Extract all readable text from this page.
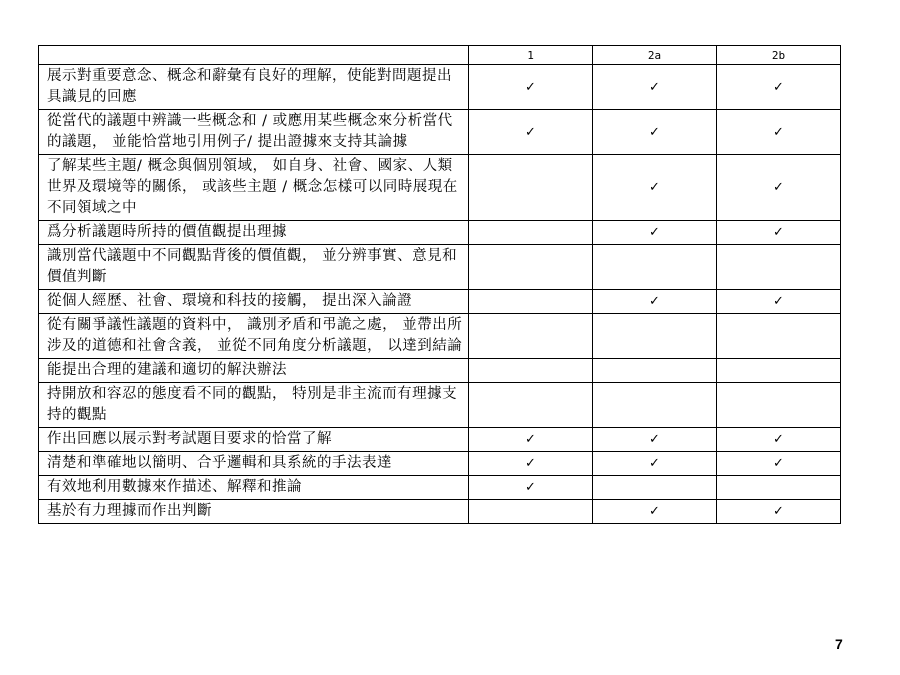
	1	2a	2b
展示對重要意念、概念和辭彙有良好的理解，使能對問題提出具識見的回應	✓	✓	✓
從當代的議題中辨識一些概念和 / 或應用某些概念來分析當代的議題， 並能恰當地引用例子/ 提出證據來支持其論據	✓	✓	✓
了解某些主題/ 概念與個別領域， 如自身、社會、國家、人類世界及環境等的關係， 或該些主題 / 概念怎樣可以同時展現在不同領域之中		✓	✓
爲分析議題時所持的價值觀提出理據		✓	✓
識別當代議題中不同觀點背後的價值觀， 並分辨事實、意見和價值判斷			
從個人經歷、社會、環境和科技的接觸， 提出深入論證		✓	✓
從有關爭議性議題的資料中， 識別矛盾和弔詭之處， 並帶出所涉及的道德和社會含義， 並從不同角度分析議題， 以達到結論			
能提出合理的建議和適切的解決辦法			
持開放和容忍的態度看不同的觀點， 特別是非主流而有理據支持的觀點			
作出回應以展示對考試題目要求的恰當了解	✓	✓	✓
清楚和準確地以簡明、合乎邏輯和具系統的手法表達	✓	✓	✓
有效地利用數據來作描述、解釋和推論	✓		
基於有力理據而作出判斷		✓	✓
7
